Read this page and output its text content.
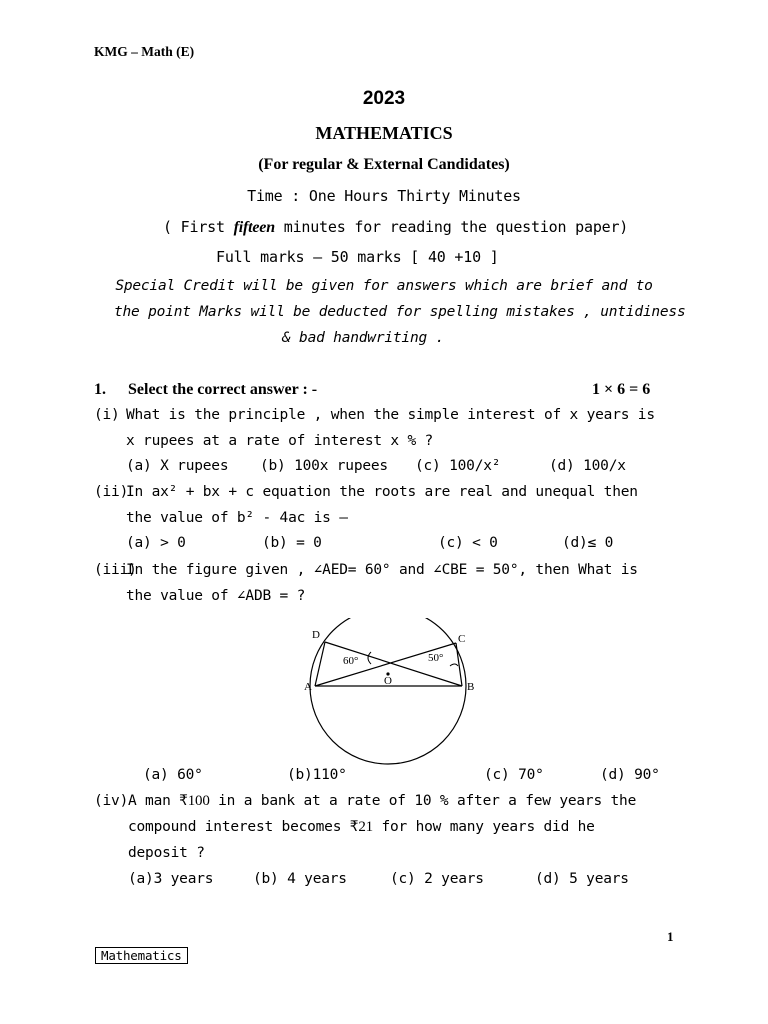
KMG – Math (E)
2023
MATHEMATICS
(For regular & External Candidates)
Time : One Hours Thirty Minutes
( First fifteen minutes for reading the question paper)
Full marks – 50 marks [ 40 +10 ]
Special Credit will be given for answers which are brief and to
the point Marks will be deducted for spelling mistakes , untidiness
& bad handwriting .
1. Select the correct answer : -	1 × 6 = 6
(i) What is the principle , when the simple interest of x years is
x rupees at a rate of interest x % ?
(a) X rupees (b) 100x rupees (c) 100/x²	(d) 100/x
(ii)
In ax² + bx + c equation the roots are real and unequal then
the value of b² - 4ac is –
(a) > 0	(b) = 0	(c) < 0	(d)≤ 0
(iii)
In the figure given , ∠AED= 60° and ∠CBE = 50°, then What is
the value of ∠ADB = ?
D	C
A	B
O
60°	50°
(a) 60°	(b)110°	(c) 70°	(d) 90°
(iv) A man ₹100 in a bank at a rate of 10 % after a few years the
compound interest becomes ₹21 for how many years did he
deposit ?
(a)3 years	(b) 4 years	(c) 2 years	(d) 5 years
1
Mathematics
